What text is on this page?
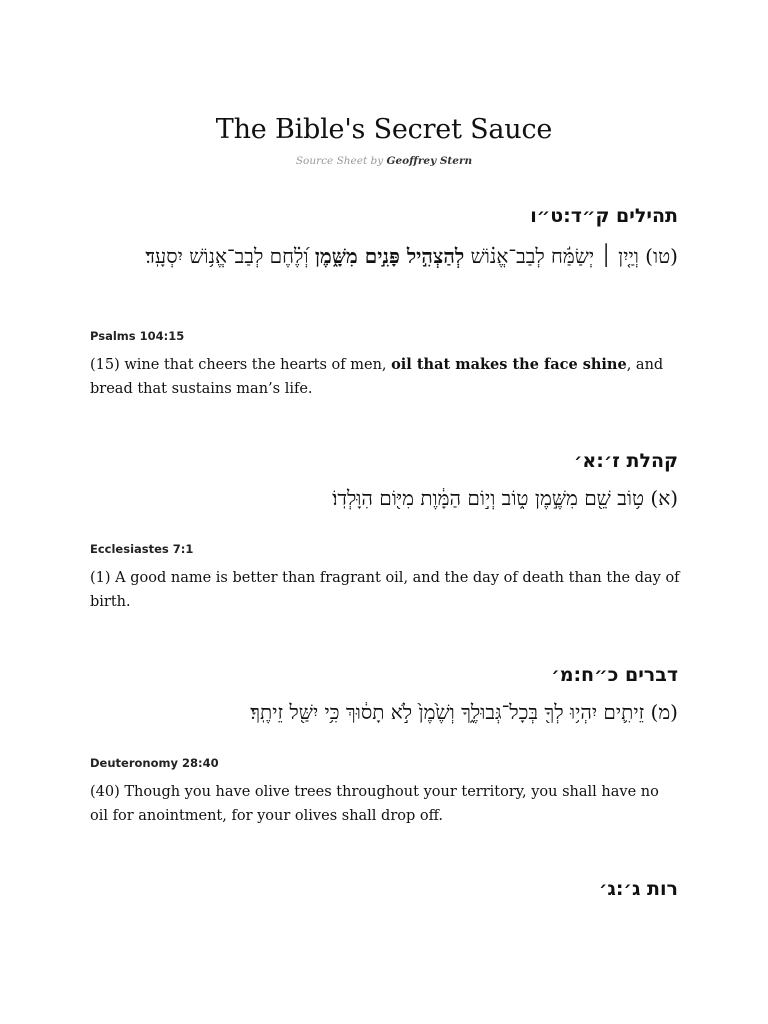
The Bible's Secret Sauce
Source Sheet by Geoffrey Stern
תהילים ק״ד:ט״ו
(טו) וְיַ֤יִן ׀ יְשַׂמַּ֬ח לְבַב־אֱנ֗וֹשׁ לְהַצְהִ֣יל פָּנִ֣ים מִשָּׁ֑מֶן וְ֝לֶ֗חֶם לְבַב־אֱנ֥וֹשׁ יִסְעָֽד׃
Psalms 104:15
(15) wine that cheers the hearts of men, oil that makes the face shine, and bread that sustains man’s life.
קהלת ז׳:א׳
(א) ט֥וֹב שֵׁ֖ם מִשֶּׁ֣מֶן ט֑וֹב וְי֣וֹם הַמָּ֔וֶת מִיּ֖וֹם הִוָּלְדֽוֹ׃
Ecclesiastes 7:1
(1) A good name is better than fragrant oil, and the day of death than the day of birth.
דברים כ״ח:מ׳
(מ) זֵיתִ֛ים יִהְי֥וּ לְךָ֖ בְּכָל־גְּבוּלֶ֑ךָ וְשֶׁ֙מֶן֙ לֹ֣א תָס֔וּךְ כִּ֥י יִשַּׁ֖ל זֵיתֶֽךָ׃
Deuteronomy 28:40
(40) Though you have olive trees throughout your territory, you shall have no oil for anointment, for your olives shall drop off.
רות ג׳:ג׳
